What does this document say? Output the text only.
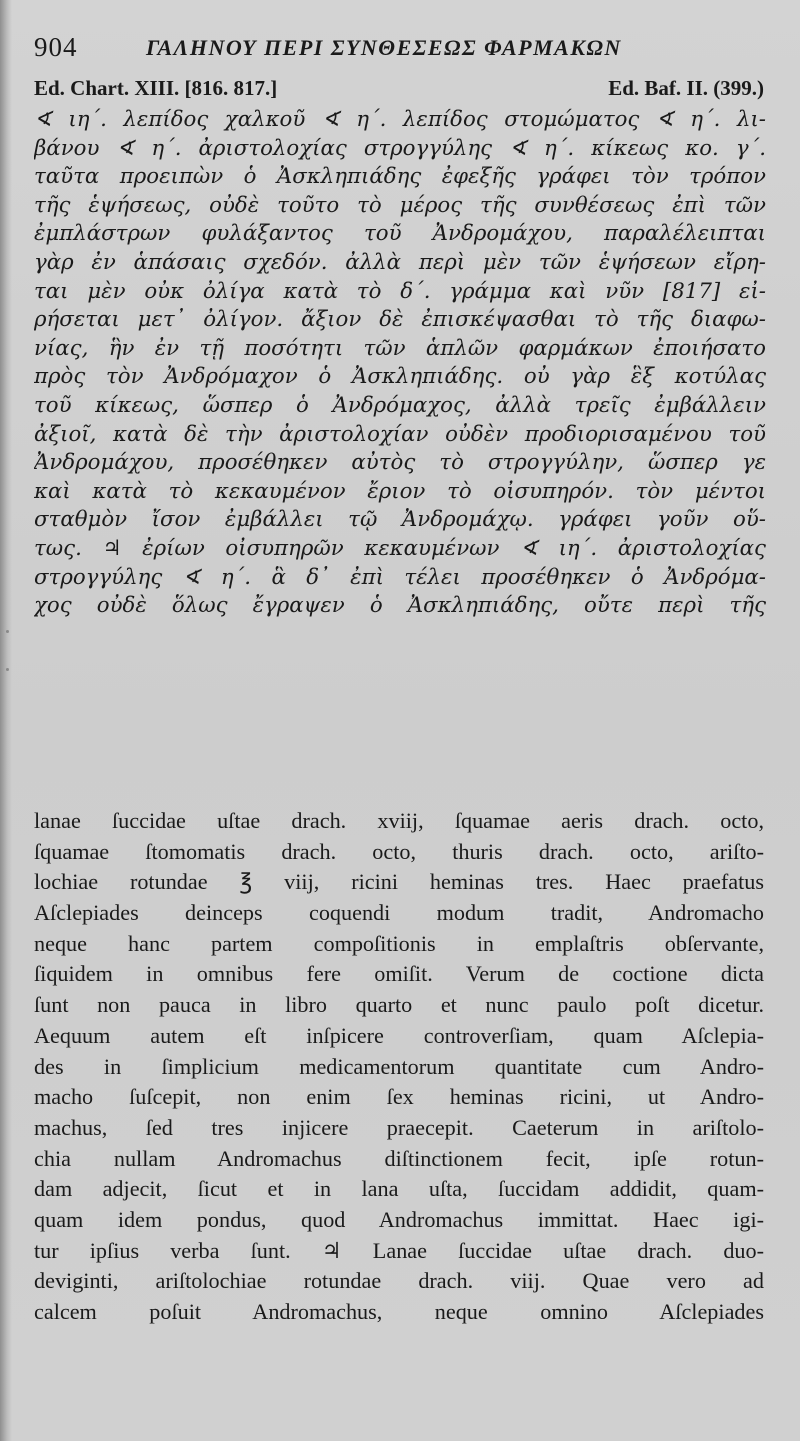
904	ΓΑΛΗΝΟΥ ΠΕΡΙ ΣΥΝΘΕΣΕΩΣ ΦΑΡΜΑΚΩΝ
Ed. Chart. XIII. [816. 817.]	Ed. Baf. II. (399.)
∢ ιη΄. λεπίδος χαλκοῦ ∢ η΄. λεπίδος στομώματος ∢ η΄. λι-
βάνου ∢ η΄. ἀριστολοχίας στρογγύλης ∢ η΄. κίκεως κο. γ΄.
ταῦτα προειπὼν ὁ Ἀσκληπιάδης ἐφεξῆς γράφει τὸν τρόπον
τῆς ἑψήσεως, οὐδὲ τοῦτο τὸ μέρος τῆς συνθέσεως ἐπὶ τῶν
ἐμπλάστρων φυλάξαντος τοῦ Ἀνδρομάχου, παραλέλειπται
γὰρ ἐν ἁπάσαις σχεδόν. ἀλλὰ περὶ μὲν τῶν ἑψήσεων εἴρη-
ται μὲν οὐκ ὀλίγα κατὰ τὸ δ΄. γράμμα καὶ νῦν [817] εἰ-
ρήσεται μετ᾽ ὀλίγον. ἄξιον δὲ ἐπισκέψασθαι τὸ τῆς διαφω-
νίας, ἣν ἐν τῇ ποσότητι τῶν ἁπλῶν φαρμάκων ἐποιήσατο
πρὸς τὸν Ἀνδρόμαχον ὁ Ἀσκληπιάδης. οὐ γὰρ ἓξ κοτύλας
τοῦ κίκεως, ὥσπερ ὁ Ἀνδρόμαχος, ἀλλὰ τρεῖς ἐμβάλλειν
ἀξιοῖ, κατὰ δὲ τὴν ἀριστολοχίαν οὐδὲν προδιορισαμένου τοῦ
Ἀνδρομάχου, προσέθηκεν αὐτὸς τὸ στρογγύλην, ὥσπερ γε
καὶ κατὰ τὸ κεκαυμένον ἔριον τὸ οἰσυπηρόν. τὸν μέντοι
σταθμὸν ἴσον ἐμβάλλει τῷ Ἀνδρομάχῳ. γράφει γοῦν οὕ-
τως. ♃ ἐρίων οἰσυπηρῶν κεκαυμένων ∢ ιη΄. ἀριστολοχίας
στρογγύλης ∢ η΄. ἃ δ᾽ ἐπὶ τέλει προσέθηκεν ὁ Ἀνδρόμα-
χος οὐδὲ ὅλως ἔγραψεν ὁ Ἀσκληπιάδης, οὔτε περὶ τῆς
lanae ſuccidae uſtae drach. xviij, ſquamae aeris drach. octo,
ſquamae ſtomomatis drach. octo, thuris drach. octo, ariſto-
lochiae rotundae ℥ viij, ricini heminas tres. Haec praefatus
Aſclepiades deinceps coquendi modum tradit, Andromacho
neque hanc partem compoſitionis in emplaſtris obſervante,
ſiquidem in omnibus fere omiſit. Verum de coctione dicta
ſunt non pauca in libro quarto et nunc paulo poſt dicetur.
Aequum autem eſt inſpicere controverſiam, quam Aſclepia-
des in ſimplicium medicamentorum quantitate cum Andro-
macho ſuſcepit, non enim ſex heminas ricini, ut Andro-
machus, ſed tres injicere praecepit. Caeterum in ariſtolo-
chia nullam Andromachus diſtinctionem fecit, ipſe rotun-
dam adjecit, ſicut et in lana uſta, ſuccidam addidit, quam-
quam idem pondus, quod Andromachus immittat. Haec igi-
tur ipſius verba ſunt. ♃ Lanae ſuccidae uſtae drach. duo-
deviginti, ariſtolochiae rotundae drach. viij. Quae vero ad
calcem poſuit Andromachus, neque omnino Aſclepiades
